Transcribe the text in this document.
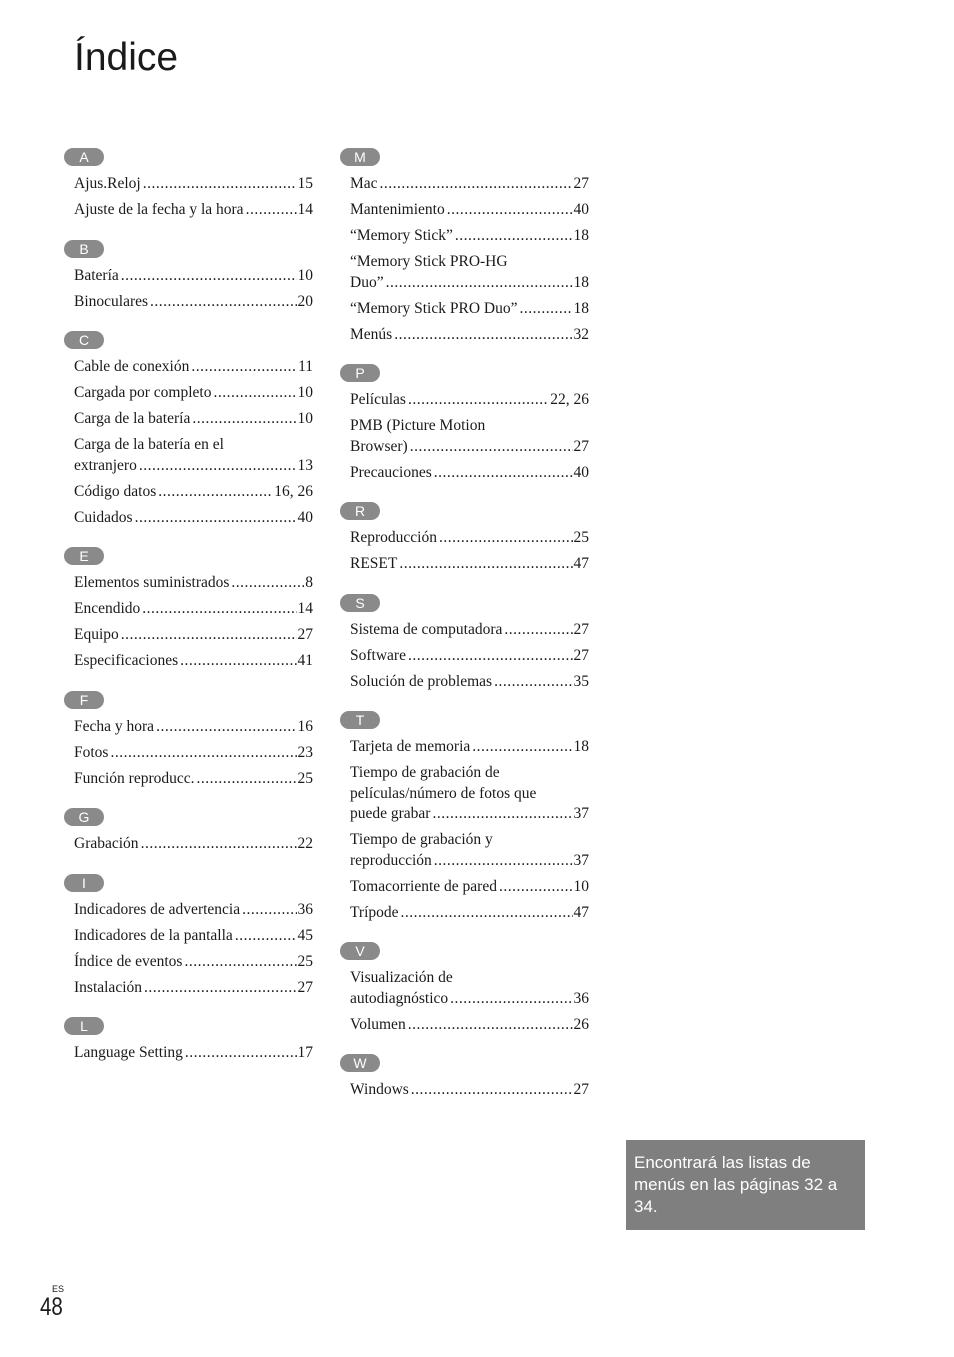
Índice
A
Ajus.Reloj .....	15
Ajuste de la fecha y la hora .....	14
B
Batería .....	10
Binoculares .....	20
C
Cable de conexión .....	11
Cargada por completo .....	10
Carga de la batería .....	10
Carga de la batería en el
extranjero .....	13
Código datos .....	16, 26
Cuidados .....	40
E
Elementos suministrados .....	8
Encendido .....	14
Equipo .....	27
Especificaciones .....	41
F
Fecha y hora .....	16
Fotos .....	23
Función reproducc. .....	25
G
Grabación .....	22
I
Indicadores de advertencia .....	36
Indicadores de la pantalla .....	45
Índice de eventos .....	25
Instalación .....	27
L
Language Setting .....	17
M
Mac .....	27
Mantenimiento .....	40
“Memory Stick” .....	18
“Memory Stick PRO-HG
Duo” .....	18
“Memory Stick PRO Duo” .....	18
Menús .....	32
P
Películas .....	22, 26
PMB (Picture Motion
Browser) .....	27
Precauciones .....	40
R
Reproducción .....	25
RESET .....	47
S
Sistema de computadora .....	27
Software .....	27
Solución de problemas .....	35
T
Tarjeta de memoria .....	18
Tiempo de grabación de
películas/número de fotos que
puede grabar .....	37
Tiempo de grabación y
reproducción .....	37
Tomacorriente de pared .....	10
Trípode .....	47
V
Visualización de
autodiagnóstico .....	36
Volumen .....	26
W
Windows .....	27
Encontrará las listas de menús en las páginas 32 a 34.
ES
48
